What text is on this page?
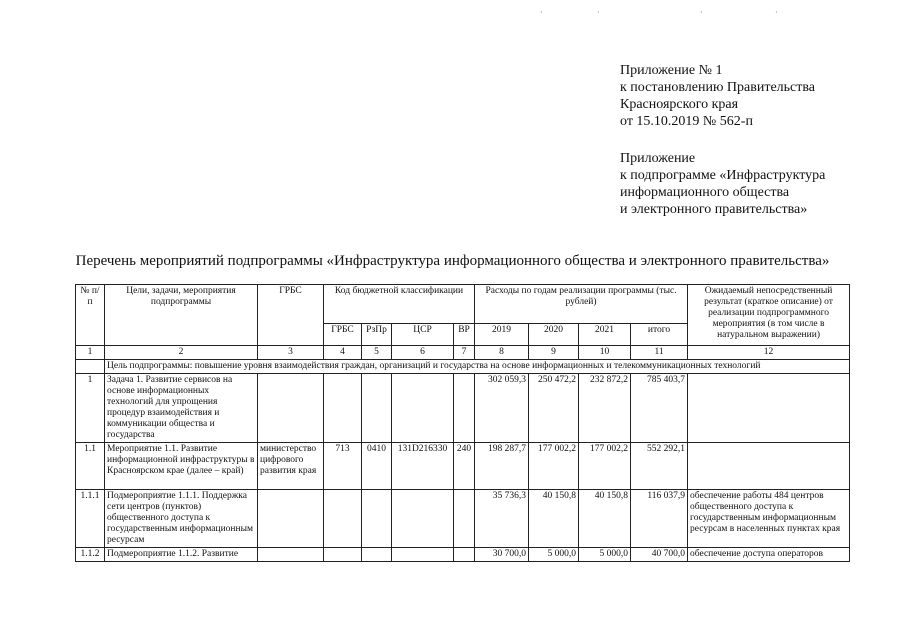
·	·	·	·
Приложение № 1
к постановлению Правительства
Красноярского края
от 15.10.2019 № 562-п
Приложение
к подпрограмме «Инфраструктура
информационного общества
и электронного правительства»
Перечень мероприятий подпрограммы «Инфраструктура информационного общества и электронного правительства»
№ п/п	Цели, задачи, мероприятия подпрограммы	ГРБС	Код бюджетной классификации				Расходы по годам реализации программы (тыс. рублей)				Ожидаемый непосредственный результат (краткое описание) от реализации подпрограммного мероприятия (в том числе в натуральном выражении)
			ГРБС	РзПр	ЦСР	ВР	2019	2020	2021	итого	
1	2	3	4	5	6	7	8	9	10	11	12
	Цель подпрограммы: повышение уровня взаимодействия граждан, организаций и государства на основе информационных и телекоммуникационных технологий										
1	Задача 1. Развитие сервисов на основе информационных технологий для упрощения процедур взаимодействия и коммуникации общества и государства						302 059,3	250 472,2	232 872,2	785 403,7	
1.1	Мероприятие 1.1. Развитие информационной инфраструктуры в Красноярском крае (далее – край)	министерство цифрового развития края	713	0410	131D216330	240	198 287,7	177 002,2	177 002,2	552 292,1	
1.1.1	Подмероприятие 1.1.1. Поддержка сети центров (пунктов) общественного доступа к государственным информационным ресурсам						35 736,3	40 150,8	40 150,8	116 037,9	обеспечение работы 484 центров общественного доступа к государственным информационным ресурсам в населенных пунктах края
1.1.2	Подмероприятие 1.1.2. Развитие						30 700,0	5 000,0	5 000,0	40 700,0	обеспечение доступа операторов
